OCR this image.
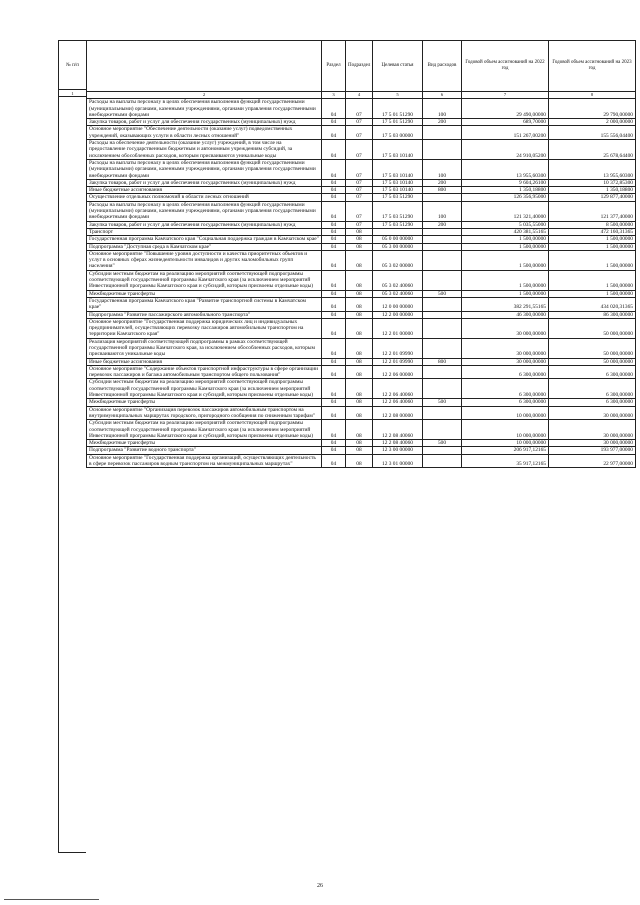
№ п/п
1
	Раздел	Подраздел	Целевая статья	Вид расходов	Годовой объем ассигнований на 2022 год	Годовой объем ассигнований на 2023 год
2	3	4	5	6	7	8
Расходы на выплаты персоналу в целях обеспечения выполнения функций государственными (муниципальными) органами, казенными учреждениями, органами управления государственными внебюджетными фондами	04	07	17 5 01 51290	100	29 490,00000	29 790,00000
Закупка товаров, работ и услуг для обеспечения государственных (муниципальных) нужд	04	07	17 5 01 51290	200	689,70000	2 000,00000
Основное мероприятие "Обеспечение деятельности (оказание услуг) подведомственных учреждений, оказывающих услуги в области лесных отношений"	04	07	17 5 03 00000		151 267,00200	155 556,04400
Расходы на обеспечение деятельности (оказание услуг) учреждений, в том числе на предоставление государственным бюджетным и автономным учреждениям субсидий, за исключением обособленных расходов, которым присваиваются уникальные коды	04	07	17 5 03 10140		24 910,05200	25 678,64400
Расходы на выплаты персоналу в целях обеспечения выполнения функций государственными (муниципальными) органами, казенными учреждениями, органами управления государственными внебюджетными фондами	04	07	17 5 03 10140	100	13 955,60300	13 955,60300
Закупка товаров, работ и услуг для обеспечения государственных (муниципальных) нужд	04	07	17 5 03 10140	200	9 604,26100	10 372,85300
Иные бюджетные ассигнования	04	07	17 5 03 10140	800	1 350,18800	1 350,18800
Осуществление отдельных полномочий в области лесных отношений	04	07	17 5 03 51290		126 356,95000	129 877,40000
Расходы на выплаты персоналу в целях обеспечения выполнения функций государственными (муниципальными) органами, казенными учреждениями, органами управления государственными внебюджетными фондами	04	07	17 5 03 51290	100	121 321,40000	121 377,40000
Закупка товаров, работ и услуг для обеспечения государственных (муниципальных) нужд	04	07	17 5 03 51290	200	5 035,55000	8 500,00000
Транспорт	04	08			420 381,55165	472 160,31365
Государственная программа Камчатского края "Социальная поддержка граждан в Камчатском крае"	04	08	05 0 00 00000		1 500,00000	1 500,00000
Подпрограмма "Доступная среда в Камчатском крае"	04	08	05 3 00 00000		1 500,00000	1 500,00000
Основное мероприятие "Повышение уровня доступности и качества приоритетных объектов и услуг в основных сферах жизнедеятельности инвалидов и других маломобильных групп населения"	04	08	05 3 02 00000		1 500,00000	1 500,00000
Субсидии местным бюджетам на реализацию мероприятий соответствующей подпрограммы соответствующей государственной программы Камчатского края (за исключением мероприятий Инвестиционной программы Камчатского края и субсидий, которым присвоены отдельные коды)	04	08	05 3 02 40060		1 500,00000	1 500,00000
Межбюджетные трансферты	04	08	05 3 02 40060	500	1 500,00000	1 500,00000
Государственная программа Камчатского края "Развитие транспортной системы в Камчатском крае"	04	08	12 0 00 00000		382 291,55165	434 020,31365
Подпрограмма "Развитие пассажирского автомобильного транспорта"	04	08	12 2 00 00000		46 300,00000	86 300,00000
Основное мероприятие "Государственная поддержка юридических лиц и индивидуальных предпринимателей, осуществляющих перевозку пассажиров автомобильным транспортом на территории Камчатского края"	04	08	12 2 01 00000		30 000,00000	50 000,00000
Реализация мероприятий соответствующей подпрограммы в рамках соответствующей государственной программы Камчатского края, за исключением обособленных расходов, которым присваиваются уникальные коды	04	08	12 2 01 09990		30 000,00000	50 000,00000
Иные бюджетные ассигнования	04	08	12 2 01 09990	800	30 000,00000	50 000,00000
Основное мероприятие "Содержание объектов транспортной инфраструктуры в сфере организации перевозок пассажиров и багажа автомобильным транспортом общего пользования"	04	08	12 2 06 00000		6 300,00000	6 300,00000
Субсидии местным бюджетам на реализацию мероприятий соответствующей подпрограммы соответствующей государственной программы Камчатского края (за исключением мероприятий Инвестиционной программы Камчатского края и субсидий, которым присвоены отдельные коды)	04	08	12 2 06 40060		6 300,00000	6 300,00000
Межбюджетные трансферты	04	08	12 2 06 40060	500	6 300,00000	6 300,00000
Основное мероприятие "Организация перевозок пассажиров автомобильным транспортом на внутримуниципальных маршрутах городского, пригородного сообщения по сниженным тарифам"	04	08	12 2 08 00000		10 000,00000	30 000,00000
Субсидии местным бюджетам на реализацию мероприятий соответствующей подпрограммы соответствующей государственной программы Камчатского края (за исключением мероприятий Инвестиционной программы Камчатского края и субсидий, которым присвоены отдельные коды)	04	08	12 2 08 40060		10 000,00000	30 000,00000
Межбюджетные трансферты	04	08	12 2 08 40060	500	10 000,00000	30 000,00000
Подпрограмма "Развитие водного транспорта"	04	08	12 3 00 00000		206 917,12165	193 977,00000
Основное мероприятие "Государственная поддержка организаций, осуществляющих деятельность в сфере перевозок пассажиров водным транспортом на межмуниципальных маршрутах"	04	08	12 3 01 00000		35 917,12165	22 977,00000
26
